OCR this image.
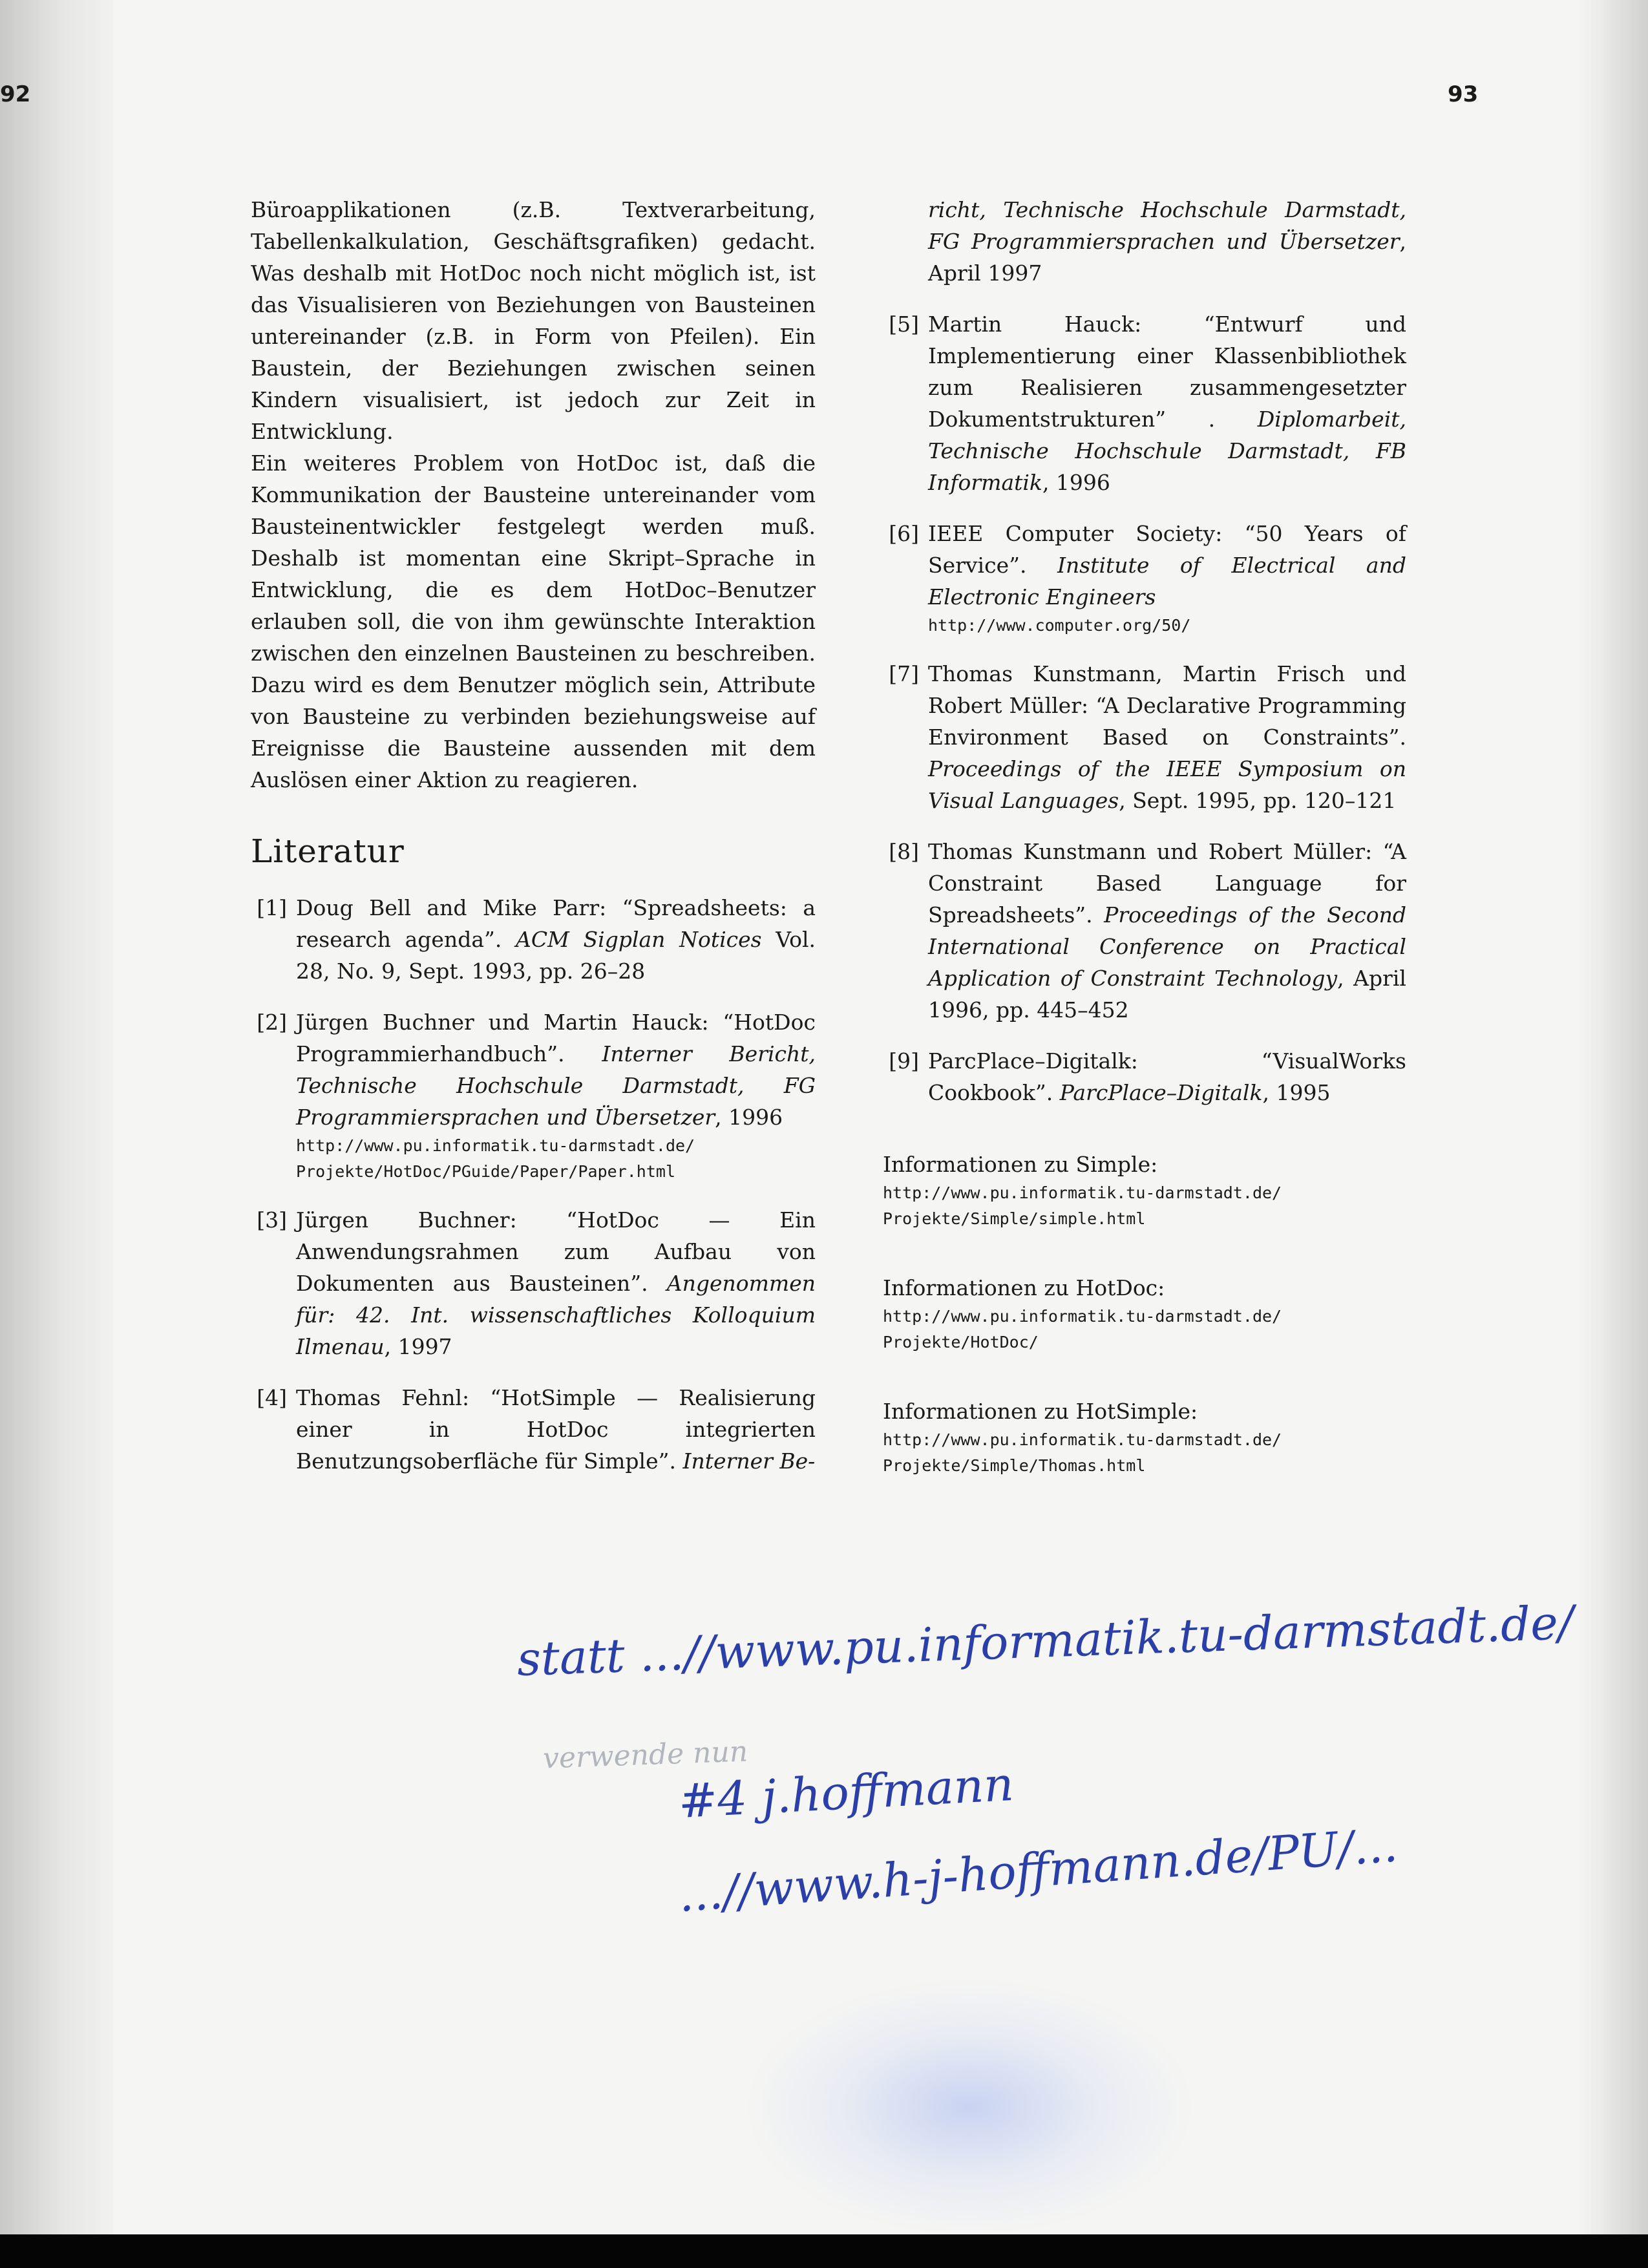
92	93

Büroapplikationen (z.B. Textverarbeitung, Tabellenkalkulation, Geschäftsgrafiken) gedacht. Was deshalb mit HotDoc noch nicht möglich ist, ist das Visualisieren von Beziehungen von Bausteinen untereinander (z.B. in Form von Pfeilen). Ein Baustein, der Beziehungen zwischen seinen Kindern visualisiert, ist jedoch zur Zeit in Entwicklung.

Ein weiteres Problem von HotDoc ist, daß die Kommunikation der Bausteine untereinander vom Bausteinentwickler festgelegt werden muß. Deshalb ist momentan eine Skript–Sprache in Entwicklung, die es dem HotDoc–Benutzer erlauben soll, die von ihm gewünschte Interaktion zwischen den einzelnen Bausteinen zu beschreiben. Dazu wird es dem Benutzer möglich sein, Attribute von Bausteine zu verbinden beziehungsweise auf Ereignisse die Bausteine aussenden mit dem Auslösen einer Aktion zu reagieren.

Literatur
[1] Doug Bell and Mike Parr: “Spreadsheets: a research agenda”. ACM Sigplan Notices Vol. 28, No. 9, Sept. 1993, pp. 26–28
[2] Jürgen Buchner und Martin Hauck: “HotDoc Programmierhandbuch”. Interner Bericht, Technische Hochschule Darmstadt, FG Programmiersprachen und Übersetzer, 1996
http://www.pu.informatik.tu-darmstadt.de/
Projekte/HotDoc/PGuide/Paper/Paper.html
[3] Jürgen Buchner: “HotDoc — Ein Anwendungsrahmen zum Aufbau von Dokumenten aus Bausteinen”. Angenommen für: 42. Int. wissenschaftliches Kolloquium Ilmenau, 1997
[4] Thomas Fehnl: “HotSimple — Realisierung einer in HotDoc integrierten Benutzungsoberfläche für Simple”. Interner Be-
richt, Technische Hochschule Darmstadt, FG Programmiersprachen und Übersetzer, April 1997
[5] Martin Hauck: “Entwurf und Implementierung einer Klassenbibliothek zum Realisieren zusammengesetzter Dokumentstrukturen” . Diplomarbeit, Technische Hochschule Darmstadt, FB Informatik, 1996
[6] IEEE Computer Society: “50 Years of Service”. Institute of Electrical and Electronic Engineers
http://www.computer.org/50/
[7] Thomas Kunstmann, Martin Frisch und Robert Müller: “A Declarative Programming Environment Based on Constraints”. Proceedings of the IEEE Symposium on Visual Languages, Sept. 1995, pp. 120–121
[8] Thomas Kunstmann und Robert Müller: “A Constraint Based Language for Spreadsheets”. Proceedings of the Second International Conference on Practical Application of Constraint Technology, April 1996, pp. 445–452
[9] ParcPlace–Digitalk: “VisualWorks Cookbook”. ParcPlace–Digitalk, 1995
Informationen zu Simple:
http://www.pu.informatik.tu-darmstadt.de/
Projekte/Simple/simple.html
Informationen zu HotDoc:
http://www.pu.informatik.tu-darmstadt.de/
Projekte/HotDoc/
Informationen zu HotSimple:
http://www.pu.informatik.tu-darmstadt.de/
Projekte/Simple/Thomas.html
statt ...//www.pu.informatik.tu-darmstadt.de/
verwende nun
#4 j.hoffmann
...//www.h-j-hoffmann.de/PU/...
